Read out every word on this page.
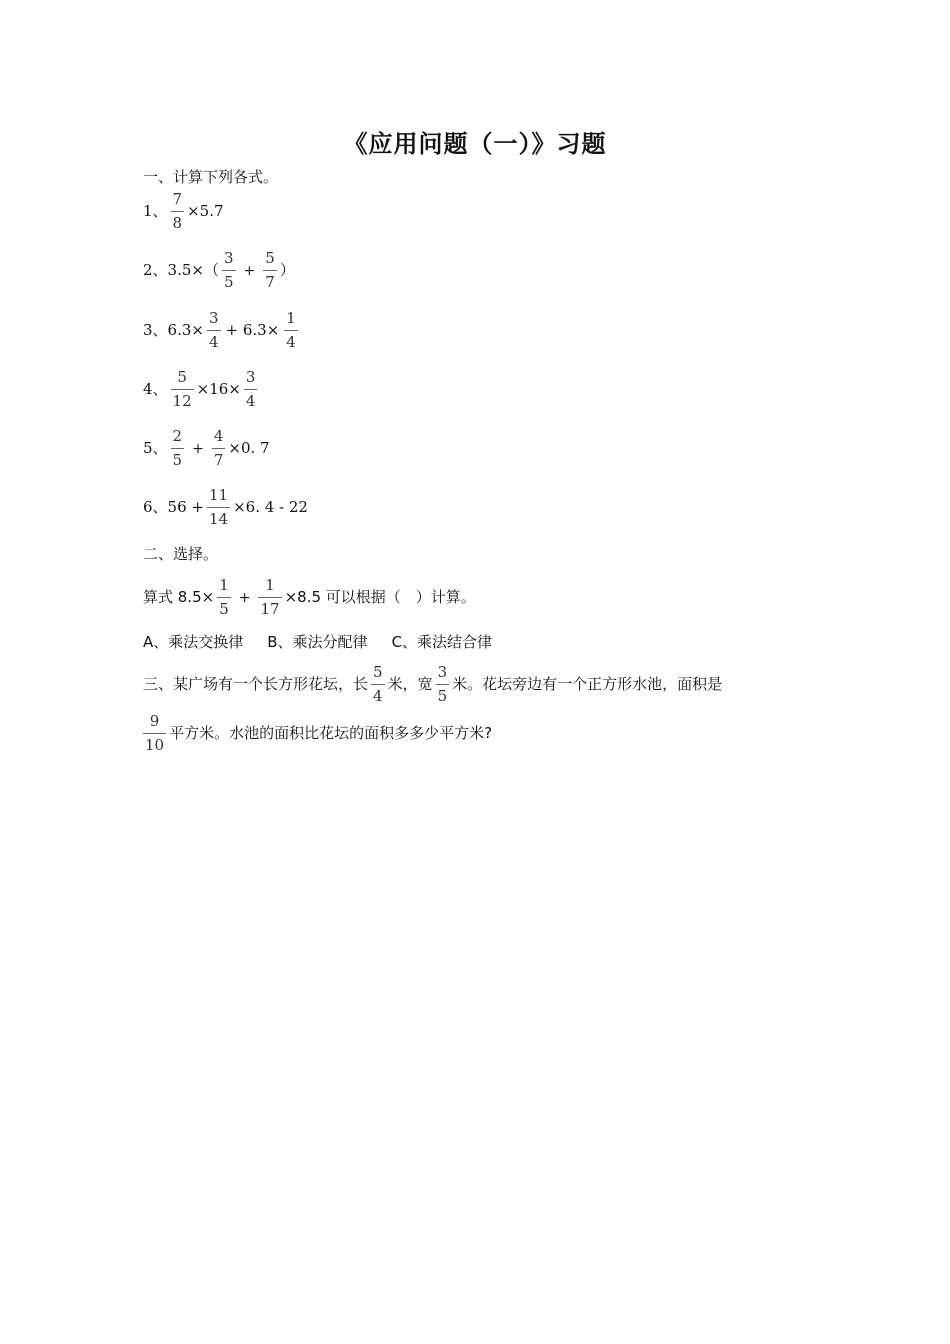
《应用问题（一）》习题
一、计算下列各式。
1、 $\frac{7}{8} \times 5.7$
2、 $3.5\times( \frac{3}{5} + \frac{5}{7}$ ）
3、 $6.3\times \frac{3}{4} + 6.3\times \frac{1}{4}$
4、 $\frac{5}{12} \times 16\times \frac{3}{4}$
5、 $\frac{2}{5} + \frac{4}{7} \times 0$. 7
6、 $56 + \frac{11}{14} \times 6$. 4 - 22
二、选择。
算式 $8.5\times \frac{1}{5} + \frac{1}{17} \times 8.5$ 可以根据（　）计算。
A、乘法交换律 B、乘法分配律 C、乘法结合律
三、某广场有一个长方形花坛，长 $\frac{5}{4}$ 米，宽 $\frac{3}{5}$ 米。花坛旁边有一个正方形水池，面积是
$\frac{9}{10}$ 平方米。水池的面积比花坛的面积多多少平方米?
